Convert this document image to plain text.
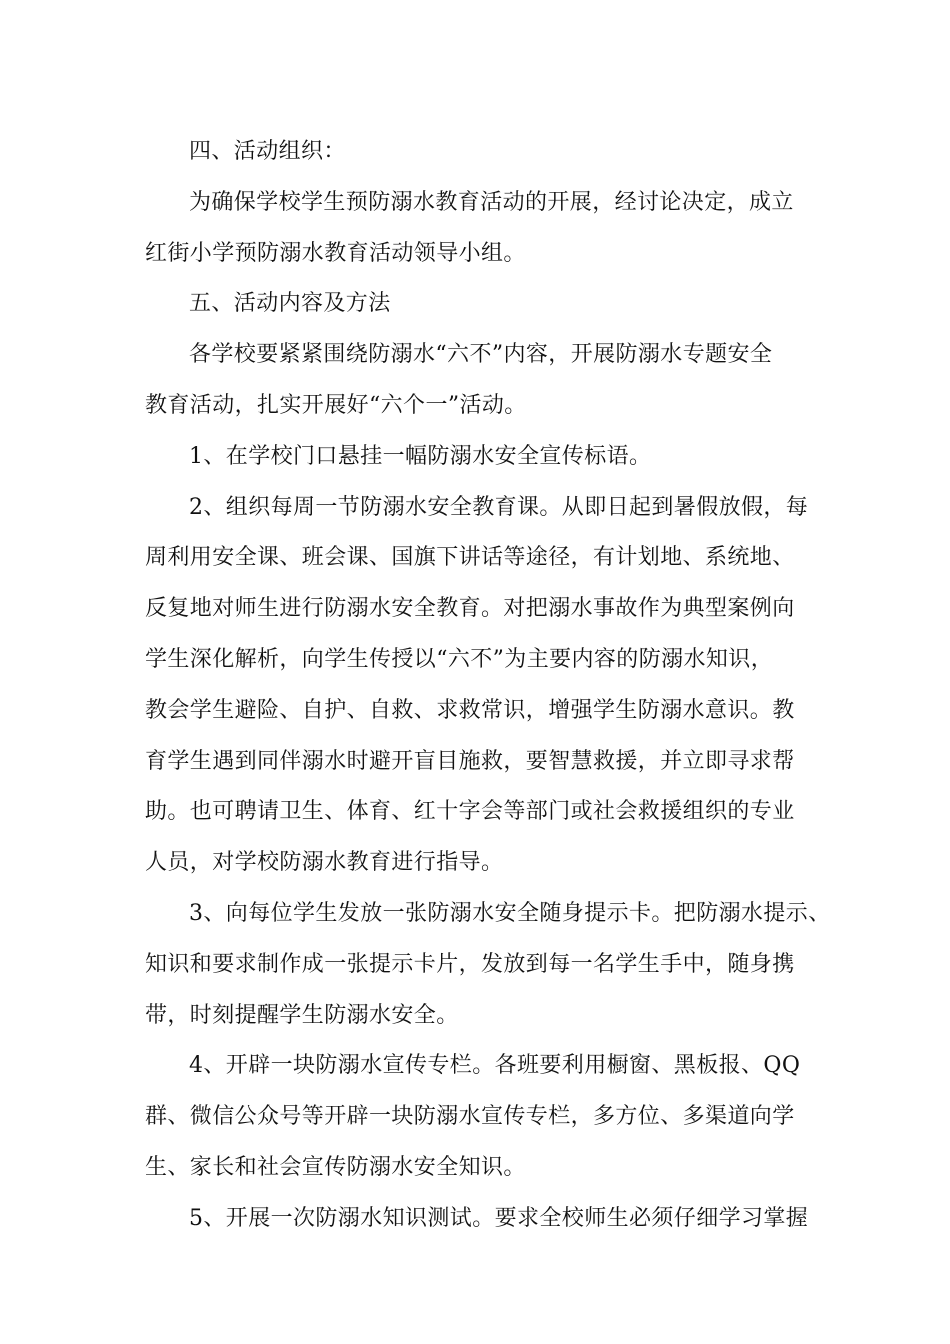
四、活动组织：
为确保学校学生预防溺水教育活动的开展，经讨论决定，成立
红街小学预防溺水教育活动领导小组。
五、活动内容及方法
各学校要紧紧围绕防溺水“六不”内容，开展防溺水专题安全
教育活动，扎实开展好“六个一”活动。
1、在学校门口悬挂一幅防溺水安全宣传标语。
2、组织每周一节防溺水安全教育课。从即日起到暑假放假，每
周利用安全课、班会课、国旗下讲话等途径，有计划地、系统地、
反复地对师生进行防溺水安全教育。对把溺水事故作为典型案例向
学生深化解析，向学生传授以“六不”为主要内容的防溺水知识，
教会学生避险、自护、自救、求救常识，增强学生防溺水意识。教
育学生遇到同伴溺水时避开盲目施救，要智慧救援，并立即寻求帮
助。也可聘请卫生、体育、红十字会等部门或社会救援组织的专业
人员，对学校防溺水教育进行指导。
3、向每位学生发放一张防溺水安全随身提示卡。把防溺水提示、
知识和要求制作成一张提示卡片，发放到每一名学生手中，随身携
带，时刻提醒学生防溺水安全。
4、开辟一块防溺水宣传专栏。各班要利用橱窗、黑板报、QQ
群、微信公众号等开辟一块防溺水宣传专栏，多方位、多渠道向学
生、家长和社会宣传防溺水安全知识。
5、开展一次防溺水知识测试。要求全校师生必须仔细学习掌握
